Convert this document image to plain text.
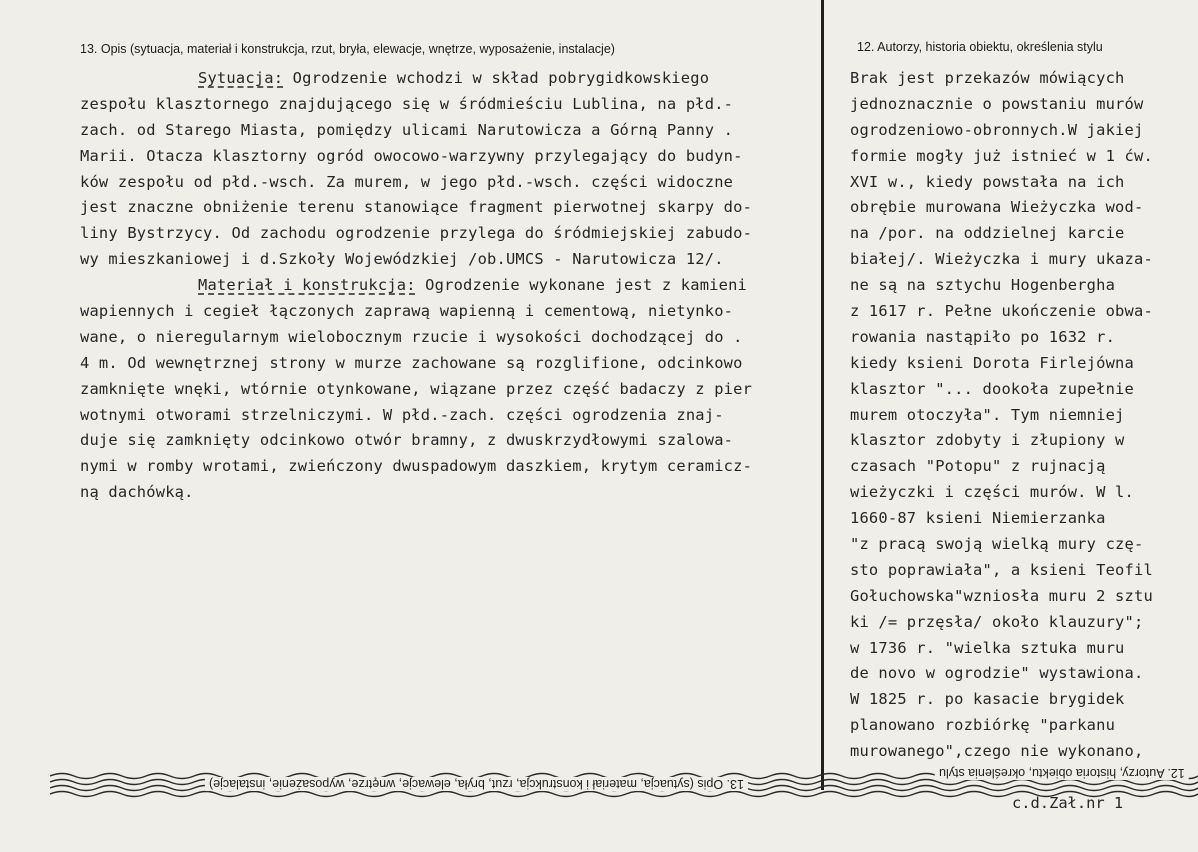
13. Opis (sytuacja, materiał i konstrukcja, rzut, bryła, elewacje, wnętrze, wyposażenie, instalacje)	12. Autorzy, historia obiektu, określenia stylu
Sytuacja: Ogrodzenie wchodzi w skład pobrygidkowskiego
zespołu klasztornego znajdującego się w śródmieściu Lublina, na płd.-
zach. od Starego Miasta, pomiędzy ulicami Narutowicza a Górną Panny .
Marii. Otacza klasztorny ogród owocowo-warzywny przylegający do budyn-
ków zespołu od płd.-wsch. Za murem, w jego płd.-wsch. części widoczne
jest znaczne obniżenie terenu stanowiące fragment pierwotnej skarpy do-
liny Bystrzycy. Od zachodu ogrodzenie przylega do śródmiejskiej zabudo-
wy mieszkaniowej i d.Szkoły Wojewódzkiej /ob.UMCS - Narutowicza 12/.
Materiał i konstrukcja: Ogrodzenie wykonane jest z kamieni
wapiennych i cegieł łączonych zaprawą wapienną i cementową, nietynko-
wane, o nieregularnym wielobocznym rzucie i wysokości dochodzącej do .
4 m. Od wewnętrznej strony w murze zachowane są rozglifione, odcinkowo
zamknięte wnęki, wtórnie otynkowane, wiązane przez część badaczy z pier
wotnymi otworami strzelniczymi. W płd.-zach. części ogrodzenia znaj-
duje się zamknięty odcinkowo otwór bramny, z dwuskrzydłowymi szalowa-
nymi w romby wrotami, zwieńczony dwuspadowym daszkiem, krytym ceramicz-
ną dachówką.
Brak jest przekazów mówiących
jednoznacznie o powstaniu murów
ogrodzeniowo-obronnych.W jakiej
formie mogły już istnieć w 1 ćw.
XVI w., kiedy powstała na ich
obrębie murowana Wieżyczka wod-
na /por. na oddzielnej karcie
białej/. Wieżyczka i mury ukaza-
ne są na sztychu Hogenbergha
z 1617 r. Pełne ukończenie obwa-
rowania nastąpiło po 1632 r.
kiedy ksieni Dorota Firlejówna
klasztor "... dookoła zupełnie
murem otoczyła". Tym niemniej
klasztor zdobyty i złupiony w
czasach "Potopu" z rujnacją
wieżyczki i części murów. W l.
1660-87 ksieni Niemierzanka
"z pracą swoją wielką mury czę-
sto poprawiała", a ksieni Teofil
Gołuchowska"wzniosła muru 2 sztu
ki /= przęsła/ około klauzury";
w 1736 r. "wielka sztuka muru
de novo w ogrodzie" wystawiona.
W 1825 r. po kasacie brygidek
planowano rozbiórkę "parkanu
murowanego",czego nie wykonano,
13. Opis (sytuacja, materiał i konstrukcja, rzut, bryła, elewacje, wnętrze, wyposażenie, instalacje)
12. Autorzy, historia obiektu, określenia stylu
c.d.Zał.nr 1
